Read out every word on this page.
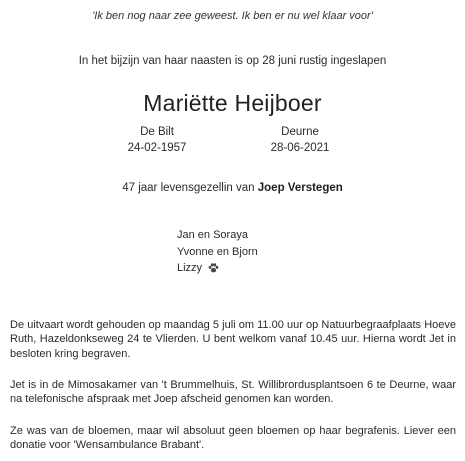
'Ik ben nog naar zee geweest. Ik ben er nu wel klaar voor'
In het bijzijn van haar naasten is op 28 juni rustig ingeslapen
Mariëtte Heijboer
De Bilt
24-02-1957
Deurne
28-06-2021
47 jaar levensgezellin van Joep Verstegen
Jan en Soraya
Yvonne en Bjorn
Lizzy
De uitvaart wordt gehouden op maandag 5 juli om 11.00 uur op Natuurbegraafplaats Hoeve Ruth, Hazeldonkseweg 24 te Vlierden. U bent welkom vanaf 10.45 uur. Hierna wordt Jet in besloten kring begraven.
Jet is in de Mimosakamer van 't Brummelhuis, St. Willibrordusplantsoen 6 te Deurne, waar na telefonische afspraak met Joep afscheid genomen kan worden.
Ze was van de bloemen, maar wil absoluut geen bloemen op haar begrafenis. Liever een donatie voor 'Wensambulance Brabant'.
